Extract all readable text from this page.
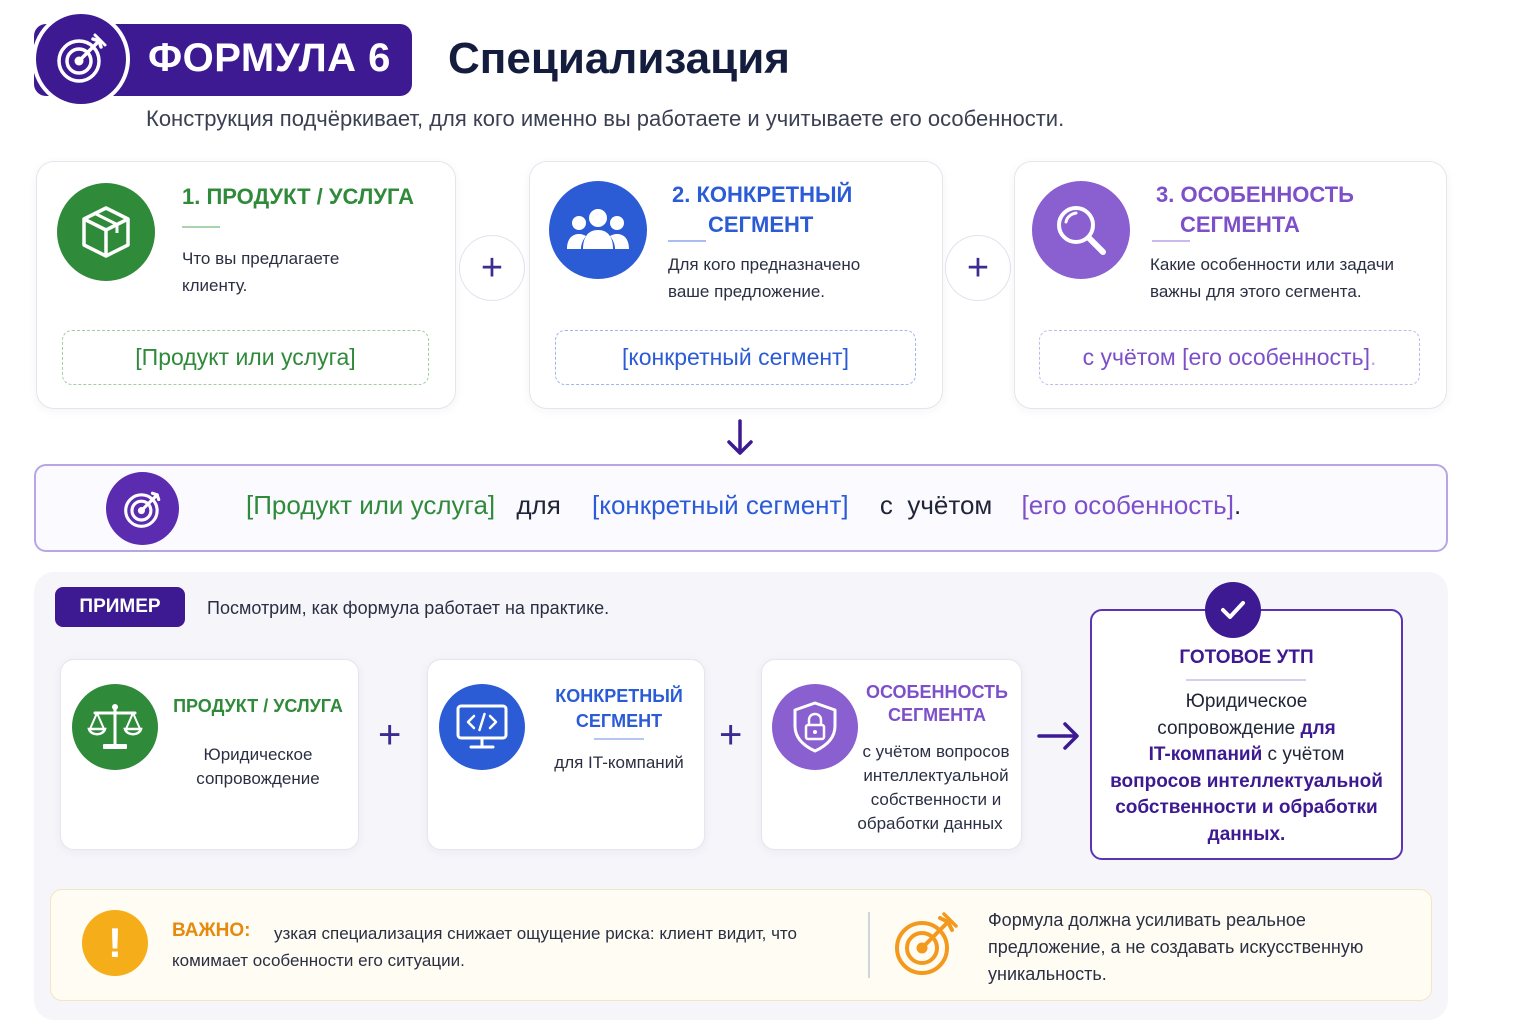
ФОРМУЛА 6 Специализация
Конструкция подчёркивает, для кого именно вы работаете и учитываете его особенности.
1. ПРОДУКТ / УСЛУГА
Что вы предлагаете
клиенту.
[Продукт или услуга]
+
2. КОНКРЕТНЫЙ
СЕГМЕНТ
Для кого предназначено
ваше предложение.
[конкретный сегмент]
+
3. ОСОБЕННОСТЬ
СЕГМЕНТА
Какие особенности или задачи
важны для этого сегмента.
с учётом [его особенность] .
[Продукт или услуга] для [конкретный сегмент] с  учётом [его особенность].
ПРИМЕР	Посмотрим, как формула работает на практике.
ПРОДУКТ / УСЛУГА
Юридическое
сопровождение
+
КОНКРЕТНЫЙ
СЕГМЕНТ
для IT-компаний
+
ОСОБЕННОСТЬ
СЕГМЕНТА
с учётом вопросов
интеллектуальной
собственности и
обработки данных
ГОТОВОЕ УТП
Юридическое
сопровождение для
IT-компаний с учётом
вопросов интеллектуальной
собственности и обработки
данных.
!	узкая специализация снижает ощущение риска: клиент видит, что комимает особенности его ситуации.
ВАЖНО:	Формула должна усиливать реальное предложение, а не создавать искусственную уникальность.
